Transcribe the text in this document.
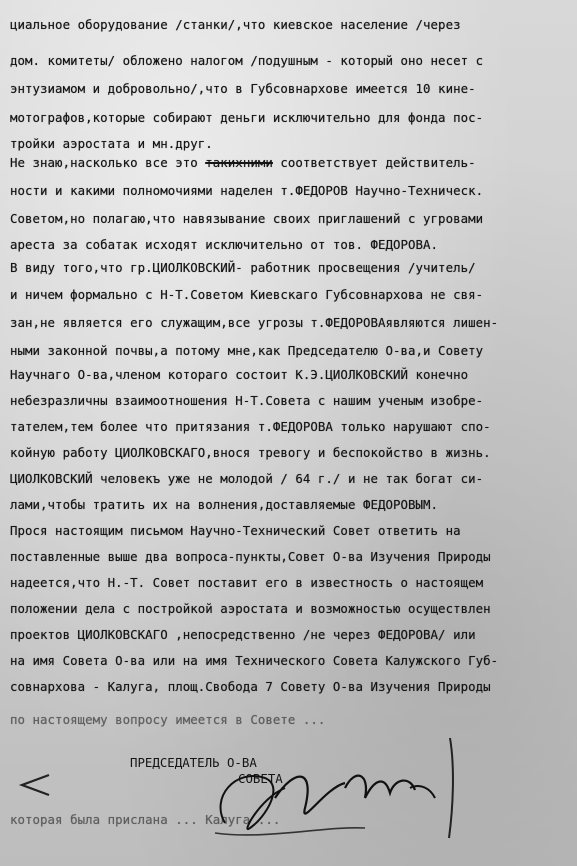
циальное оборудование /станки/,что киевское население /через
дом. комитеты/ обложено налогом /подушным - который оно несет с
энтузиамом и добровольно/,что в Губсовнархове имеется 10 кине-
мотографов,которые собирают деньги исключительно для фонда пос-
тройки аэростата и мн.друг.
Не знаю,насколько все это такихними соответствует действитель-
ности и какими полномочиями наделен т.ФЕДОРОВ Научно-Техническ.
Советом,но полагаю,что навязывание своих приглашений с угровами
ареста за собатак исходят исключительно от тов. ФЕДОРОВА.
В виду того,что гр.ЦИОЛКОВСКИЙ- работник просвещения /учитель/
и ничем формально с Н-Т.Советом Киевскаго Губсовнархова не свя-
зан,не является его служащим,все угрозы т.ФЕДОРОВАявляются лишен-
ными законной почвы,а потому мне,как Председателю О-ва,и Совету
Научнаго О-ва,членом котораго состоит К.Э.ЦИОЛКОВСКИЙ конечно
небезразличны взаимоотношения Н-Т.Совета с нашим ученым изобре-
тателем,тем более что притязания т.ФЕДОРОВА только нарушают спо-
койную работу ЦИОЛКОВСКАГО,внося тревогу и беспокойство в жизнь.
ЦИОЛКОВСКИЙ человекъ уже не молодой / 64 г./ и не так богат си-
лами,чтобы тратить их на волнения,доставляемые ФЕДОРОВЫМ.
Прося настоящим письмом Научно-Технический Совет ответить на
поставленные выше два вопроса-пункты,Совет О-ва Изучения Природы
надеется,что Н.-Т. Совет поставит его в известность о настоящем
положении дела с постройкой аэростата и возможностью осуществлен
проектов ЦИОЛКОВСКАГО ,непосредственно /не через ФЕДОРОВА/ или
на имя Совета О-ва или на имя Технического Совета Калужского Губ-
совнархова - Калуга, площ.Свобода 7 Совету О-ва Изучения Природы
по настоящему вопросу имеется в Совете ...
которая была прислана ... Калуга ...
ПРЕДСЕДАТЕЛЬ О-ВА
СОВЕТА
